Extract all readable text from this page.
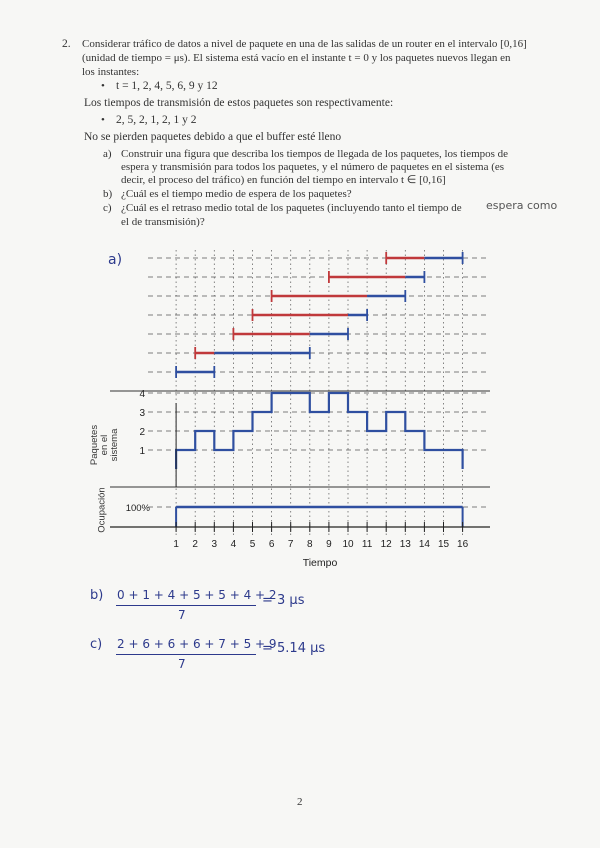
2. Considerar tráfico de datos a nivel de paquete en una de las salidas de un router en el intervalo [0,16]
(unidad de tiempo = μs). El sistema está vacío en el instante t = 0 y los paquetes nuevos llegan en
los instantes:
• t = 1, 2, 4, 5, 6, 9 y 12
Los tiempos de transmisión de estos paquetes son respectivamente:
• 2, 5, 2, 1, 2, 1 y 2
No se pierden paquetes debido a que el buffer esté lleno
a) Construir una figura que describa los tiempos de llegada de los paquetes, los tiempos de
espera y transmisión para todos los paquetes, y el número de paquetes en el sistema (es
decir, el proceso del tráfico) en función del tiempo en intervalo t ∈ [0,16]
b) ¿Cuál es el tiempo medio de espera de los paquetes?
c) ¿Cuál es el retraso medio total de los paquetes (incluyendo tanto el tiempo de espera como
el de transmisión)?
1
2
3
4
100%
1 2 3 4 5 6 7 8 9 10 11 12 13 14 15 16
Tiempo
a)
Paquetes en el sistema
Ocupación
b) 0 + 1 + 4 + 5 + 5 + 4 + 2
7
= 3 μs
c) 2 + 6 + 6 + 6 + 7 + 5 + 9
7
= 5.14 μs
2
